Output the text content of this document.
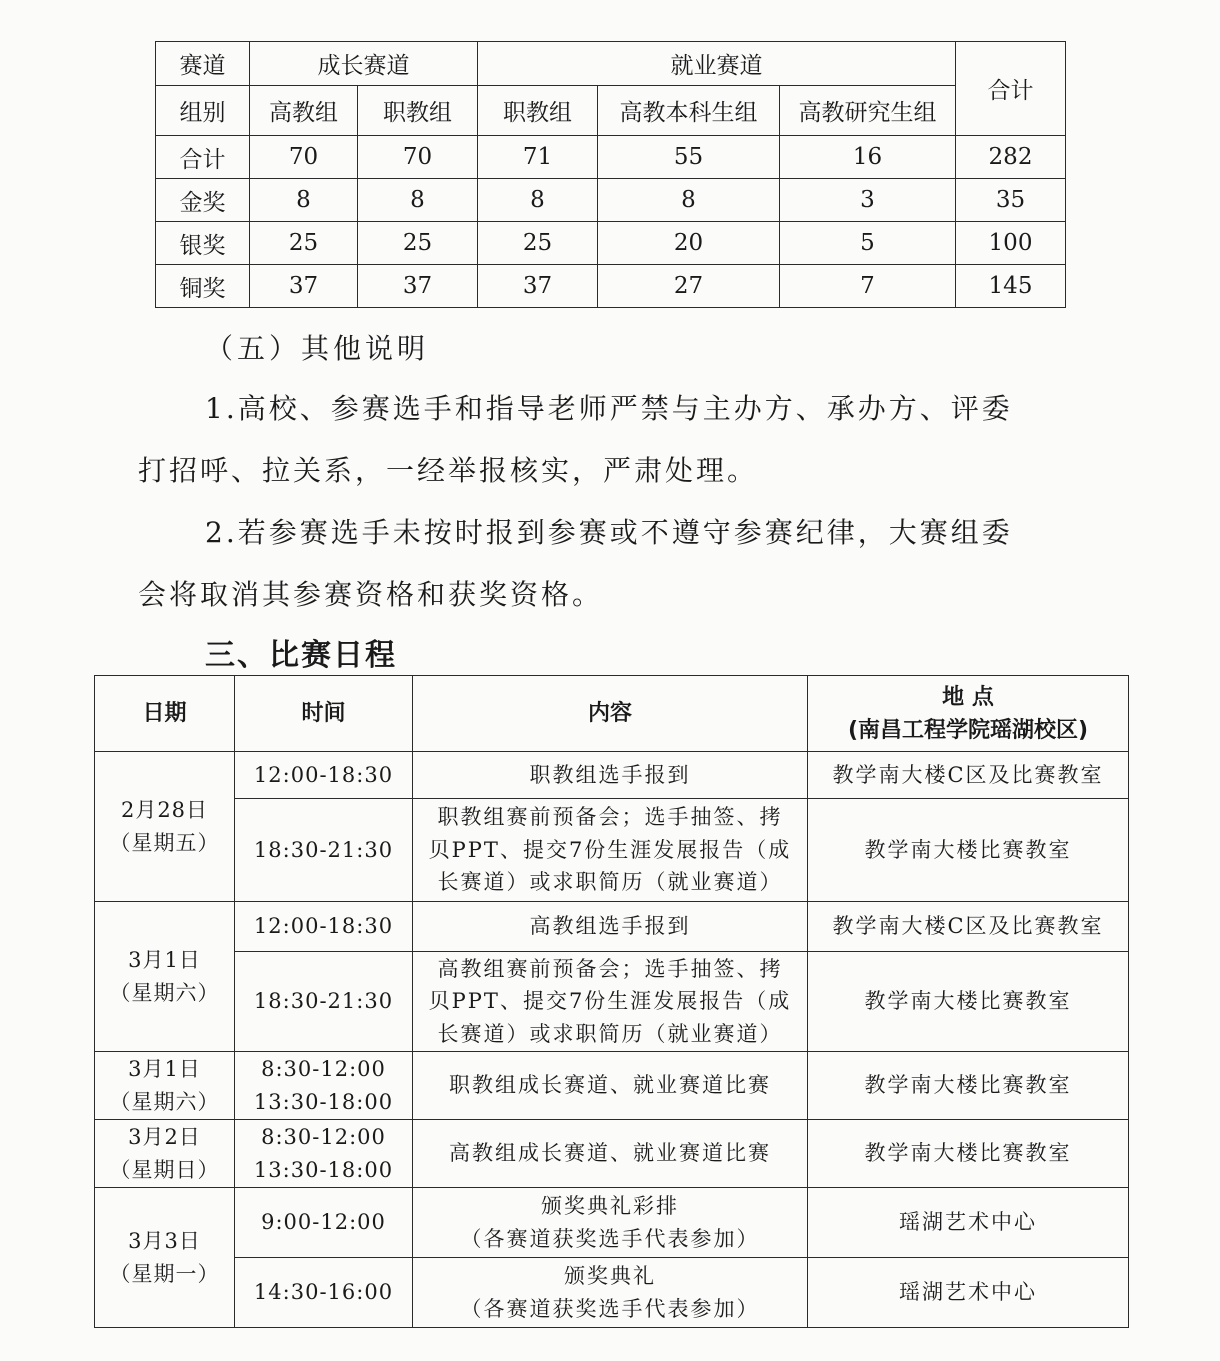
赛道	成长赛道		就业赛道			合计
组别	高教组	职教组	职教组	高教本科生组	高教研究生组	
合计	70	70	71	55	16	282
金奖	8	8	8	8	3	35
银奖	25	25	25	20	5	100
铜奖	37	37	37	27	7	145
（五）其他说明
1.高校、参赛选手和指导老师严禁与主办方、承办方、评委
打招呼、拉关系，一经举报核实，严肃处理。
2.若参赛选手未按时报到参赛或不遵守参赛纪律，大赛组委
会将取消其参赛资格和获奖资格。
三、比赛日程
日期	时间	内容	地 点
(南昌工程学院瑶湖校区)

2月28日
（星期五）	12:00-18:30	职教组选手报到	教学南大楼C区及比赛教室

	18:30-21:30	职教组赛前预备会；选手抽签、拷
贝PPT、提交7份生涯发展报告（成
长赛道）或求职简历（就业赛道）	教学南大楼比赛教室

3月1日
（星期六）	12:00-18:30	高教组选手报到	教学南大楼C区及比赛教室

	18:30-21:30	高教组赛前预备会；选手抽签、拷
贝PPT、提交7份生涯发展报告（成
长赛道）或求职简历（就业赛道）	教学南大楼比赛教室

3月1日
（星期六）	8:30-12:00
13:30-18:00	职教组成长赛道、就业赛道比赛	教学南大楼比赛教室

3月2日
（星期日）	8:30-12:00
13:30-18:00	高教组成长赛道、就业赛道比赛	教学南大楼比赛教室

3月3日
（星期一）	9:00-12:00	颁奖典礼彩排
（各赛道获奖选手代表参加）	瑶湖艺术中心

	14:30-16:00	颁奖典礼
（各赛道获奖选手代表参加）	瑶湖艺术中心
